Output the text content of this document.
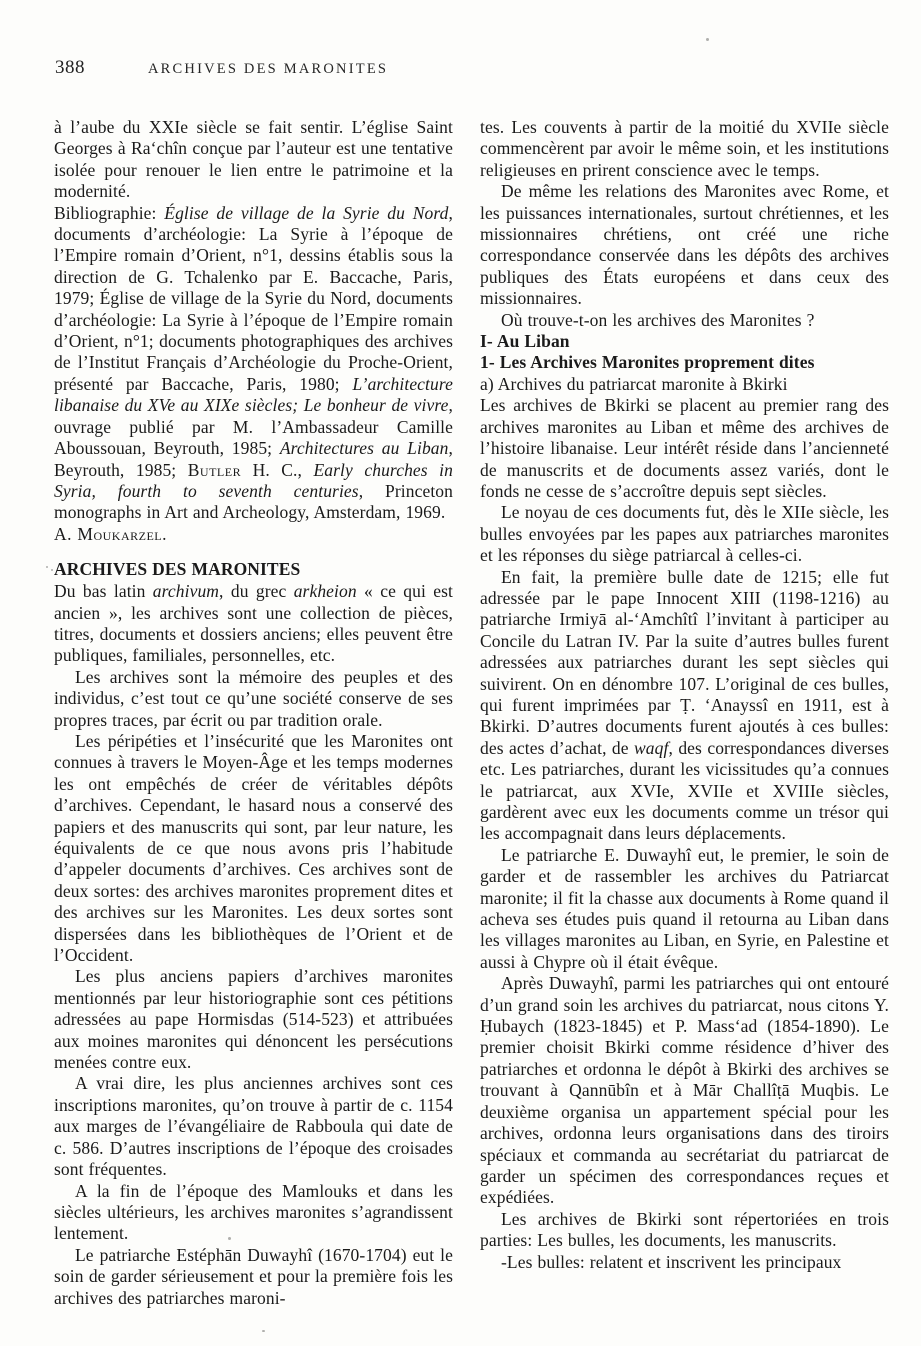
388	ARCHIVES DES MARONITES

à l’aube du XXIe siècle se fait sentir. L’église Saint Georges à Ra‘chîn conçue par l’auteur est une tentative isolée pour renouer le lien entre le patrimoine et la modernité.

Bibliographie: Église de village de la Syrie du Nord, documents d’archéologie: La Syrie à l’époque de l’Empire romain d’Orient, n°1, dessins établis sous la direction de G. Tchalenko par E. Baccache, Paris, 1979; Église de village de la Syrie du Nord, documents d’archéologie: La Syrie à l’époque de l’Empire romain d’Orient, n°1; documents photographiques des archives de l’Institut Français d’Archéologie du Proche-Orient, présenté par Baccache, Paris, 1980; L’architecture libanaise du XVe au XIXe siècles; Le bonheur de vivre, ouvrage publié par M. l’Ambassadeur Camille Aboussouan, Beyrouth, 1985; Architectures au Liban, Beyrouth, 1985; Butler H. C., Early churches in Syria, fourth to seventh centuries, Princeton monographs in Art and Archeology, Amsterdam, 1969.

A. Moukarzel.

ARCHIVES DES MARONITES

Du bas latin archivum, du grec arkheion « ce qui est ancien », les archives sont une collection de pièces, titres, documents et dossiers anciens; elles peuvent être publiques, familiales, personnelles, etc.

Les archives sont la mémoire des peuples et des individus, c’est tout ce qu’une société conserve de ses propres traces, par écrit ou par tradition orale.

Les péripéties et l’insécurité que les Maronites ont connues à travers le Moyen-Âge et les temps modernes les ont empêchés de créer de véritables dépôts d’archives. Cependant, le hasard nous a conservé des papiers et des manuscrits qui sont, par leur nature, les équivalents de ce que nous avons pris l’habitude d’appeler documents d’archives. Ces archives sont de deux sortes: des archives maronites proprement dites et des archives sur les Maronites. Les deux sortes sont dispersées dans les bibliothèques de l’Orient et de l’Occident.

Les plus anciens papiers d’archives maronites mentionnés par leur historiographie sont ces pétitions adressées au pape Hormisdas (514-523) et attribuées aux moines maronites qui dénoncent les persécutions menées contre eux.

A vrai dire, les plus anciennes archives sont ces inscriptions maronites, qu’on trouve à partir de c. 1154 aux marges de l’évangéliaire de Rabboula qui date de c. 586. D’autres inscriptions de l’époque des croisades sont fréquentes.

A la fin de l’époque des Mamlouks et dans les siècles ultérieurs, les archives maronites s’agrandissent lentement.

Le patriarche Estéphān Duwayhî (1670-1704) eut le soin de garder sérieusement et pour la première fois les archives des patriarches maroni-

tes. Les couvents à partir de la moitié du XVIIe siècle commencèrent par avoir le même soin, et les institutions religieuses en prirent conscience avec le temps.

De même les relations des Maronites avec Rome, et les puissances internationales, surtout chrétiennes, et les missionnaires chrétiens, ont créé une riche correspondance conservée dans les dépôts des archives publiques des États européens et dans ceux des missionnaires.

Où trouve-t-on les archives des Maronites ?

I- Au Liban

1- Les Archives Maronites proprement dites

a) Archives du patriarcat maronite à Bkirki

Les archives de Bkirki se placent au premier rang des archives maronites au Liban et même des archives de l’histoire libanaise. Leur intérêt réside dans l’ancienneté de manuscrits et de documents assez variés, dont le fonds ne cesse de s’accroître depuis sept siècles.

Le noyau de ces documents fut, dès le XIIe siècle, les bulles envoyées par les papes aux patriarches maronites et les réponses du siège patriarcal à celles-ci.

En fait, la première bulle date de 1215; elle fut adressée par le pape Innocent XIII (1198-1216) au patriarche Irmiyā al-‘Amchîtî l’invitant à participer au Concile du Latran IV. Par la suite d’autres bulles furent adressées aux patriarches durant les sept siècles qui suivirent. On en dénombre 107. L’original de ces bulles, qui furent imprimées par Ṭ. ‘Anayssî en 1911, est à Bkirki. D’autres documents furent ajoutés à ces bulles: des actes d’achat, de waqf, des correspondances diverses etc. Les patriarches, durant les vicissitudes qu’a connues le patriarcat, aux XVIe, XVIIe et XVIIIe siècles, gardèrent avec eux les documents comme un trésor qui les accompagnait dans leurs déplacements.

Le patriarche E. Duwayhî eut, le premier, le soin de garder et de rassembler les archives du Patriarcat maronite; il fit la chasse aux documents à Rome quand il acheva ses études puis quand il retourna au Liban dans les villages maronites au Liban, en Syrie, en Palestine et aussi à Chypre où il était évêque.

Après Duwayhî, parmi les patriarches qui ont entouré d’un grand soin les archives du patriarcat, nous citons Y. Ḥubaych (1823-1845) et P. Mass‘ad (1854-1890). Le premier choisit Bkirki comme résidence d’hiver des patriarches et ordonna le dépôt à Bkirki des archives se trouvant à Qannūbîn et à Mār Challîṭā Muqbis. Le deuxième organisa un appartement spécial pour les archives, ordonna leurs organisations dans des tiroirs spéciaux et commanda au secrétariat du patriarcat de garder un spécimen des correspondances reçues et expédiées.

Les archives de Bkirki sont répertoriées en trois parties: Les bulles, les documents, les manuscrits.

-Les bulles: relatent et inscrivent les principaux
